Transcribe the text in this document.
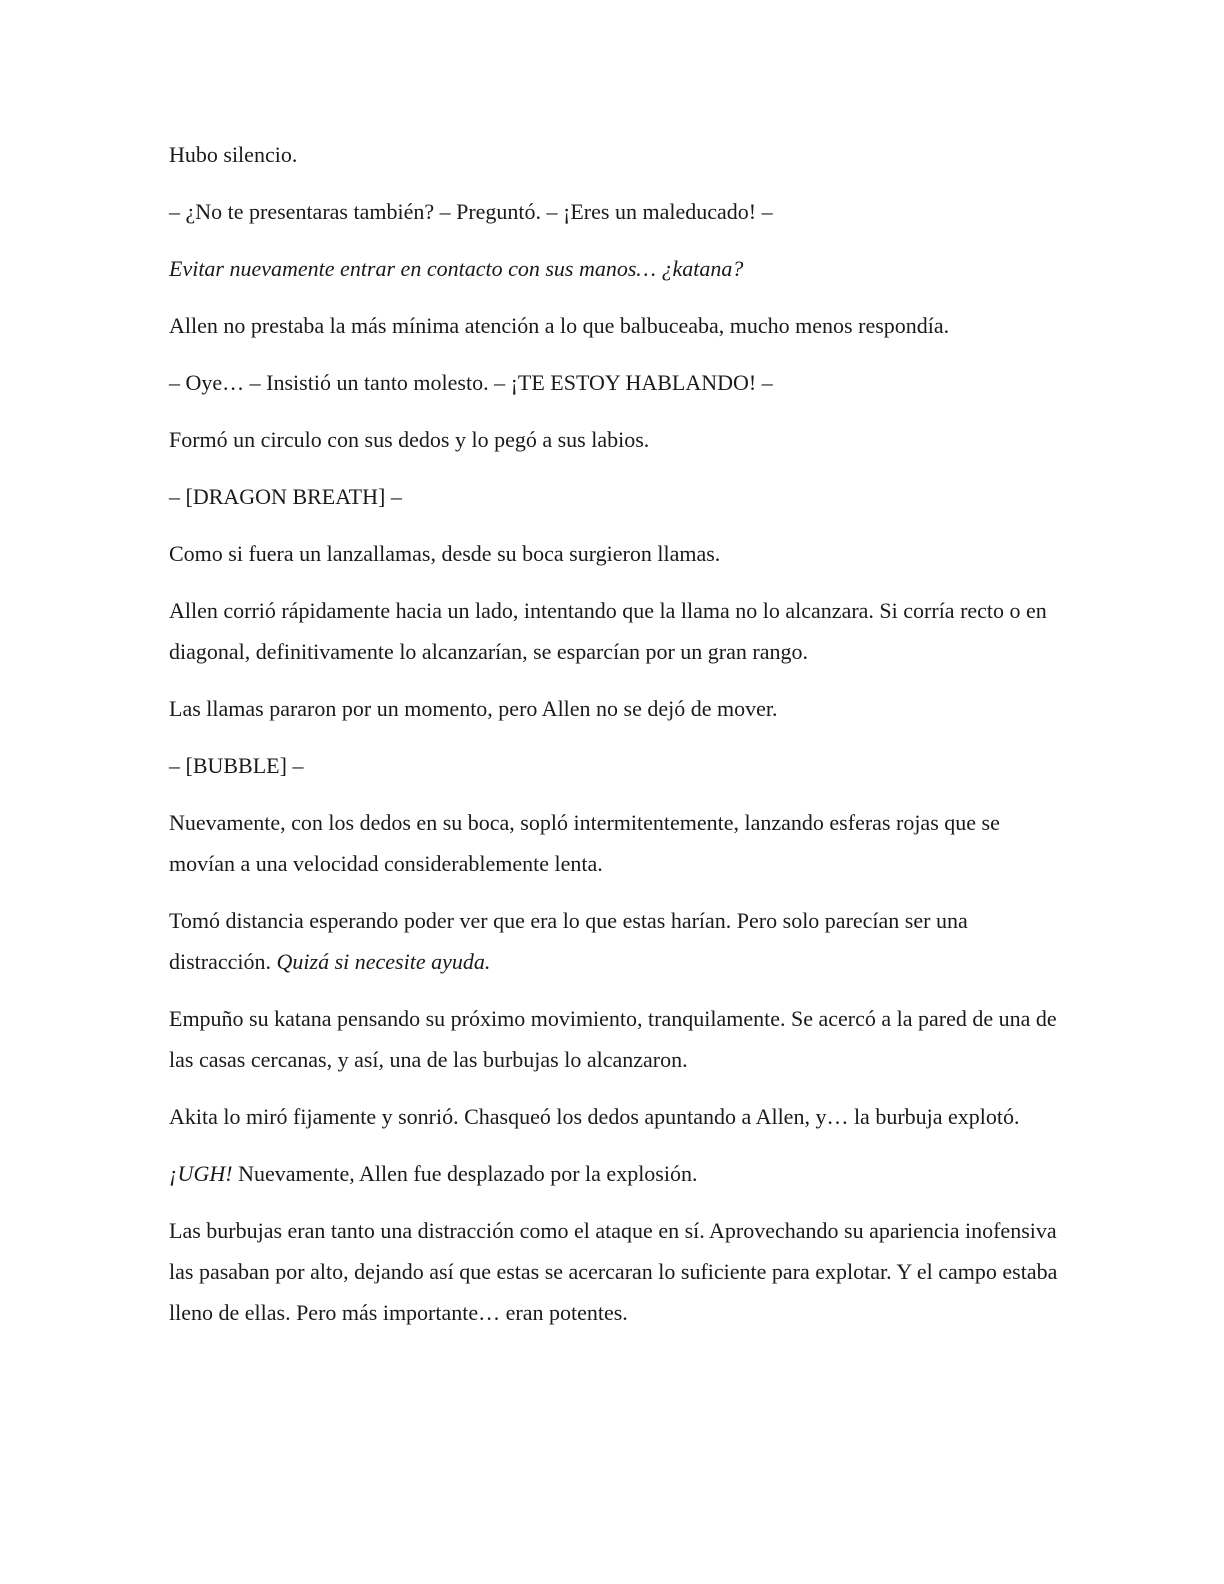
Hubo silencio.

– ¿No te presentaras también? – Preguntó. – ¡Eres un maleducado! –

Evitar nuevamente entrar en contacto con sus manos… ¿katana?

Allen no prestaba la más mínima atención a lo que balbuceaba, mucho menos respondía.

– Oye… – Insistió un tanto molesto. – ¡TE ESTOY HABLANDO! –

Formó un circulo con sus dedos y lo pegó a sus labios.

– [DRAGON BREATH] –

Como si fuera un lanzallamas, desde su boca surgieron llamas.

Allen corrió rápidamente hacia un lado, intentando que la llama no lo alcanzara. Si corría recto o en diagonal, definitivamente lo alcanzarían, se esparcían por un gran rango.

Las llamas pararon por un momento, pero Allen no se dejó de mover.

– [BUBBLE] –

Nuevamente, con los dedos en su boca, sopló intermitentemente, lanzando esferas rojas que se movían a una velocidad considerablemente lenta.

Tomó distancia esperando poder ver que era lo que estas harían. Pero solo parecían ser una distracción. Quizá si necesite ayuda.

Empuño su katana pensando su próximo movimiento, tranquilamente. Se acercó a la pared de una de las casas cercanas, y así, una de las burbujas lo alcanzaron.

Akita lo miró fijamente y sonrió. Chasqueó los dedos apuntando a Allen, y… la burbuja explotó.

¡UGH! Nuevamente, Allen fue desplazado por la explosión.

Las burbujas eran tanto una distracción como el ataque en sí. Aprovechando su apariencia inofensiva las pasaban por alto, dejando así que estas se acercaran lo suficiente para explotar. Y el campo estaba lleno de ellas. Pero más importante… eran potentes.
